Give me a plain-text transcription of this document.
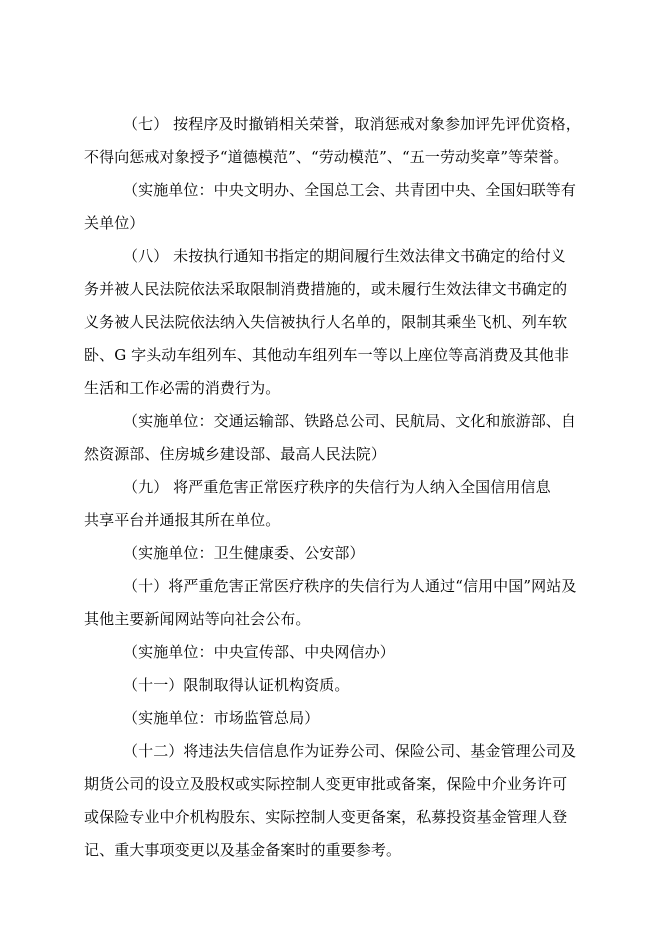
（七） 按程序及时撤销相关荣誉，取消惩戒对象参加评先评优资格，
不得向惩戒对象授予“道德模范”、“劳动模范”、“五一劳动奖章”等荣誉。
（实施单位：中央文明办、全国总工会、共青团中央、全国妇联等有
关单位）
（八） 未按执行通知书指定的期间履行生效法律文书确定的给付义
务并被人民法院依法采取限制消费措施的，或未履行生效法律文书确定的
义务被人民法院依法纳入失信被执行人名单的，限制其乘坐飞机、列车软
卧、G 字头动车组列车、其他动车组列车一等以上座位等高消费及其他非
生活和工作必需的消费行为。
（实施单位：交通运输部、铁路总公司、民航局、文化和旅游部、自
然资源部、住房城乡建设部、最高人民法院）
（九） 将严重危害正常医疗秩序的失信行为人纳入全国信用信息
共享平台并通报其所在单位。
（实施单位：卫生健康委、公安部）
（十）将严重危害正常医疗秩序的失信行为人通过“信用中国”网站及
其他主要新闻网站等向社会公布。
（实施单位：中央宣传部、中央网信办）
（十一）限制取得认证机构资质。
（实施单位：市场监管总局）
（十二）将违法失信信息作为证券公司、保险公司、基金管理公司及
期货公司的设立及股权或实际控制人变更审批或备案，保险中介业务许可
或保险专业中介机构股东、实际控制人变更备案，私募投资基金管理人登
记、重大事项变更以及基金备案时的重要参考。
